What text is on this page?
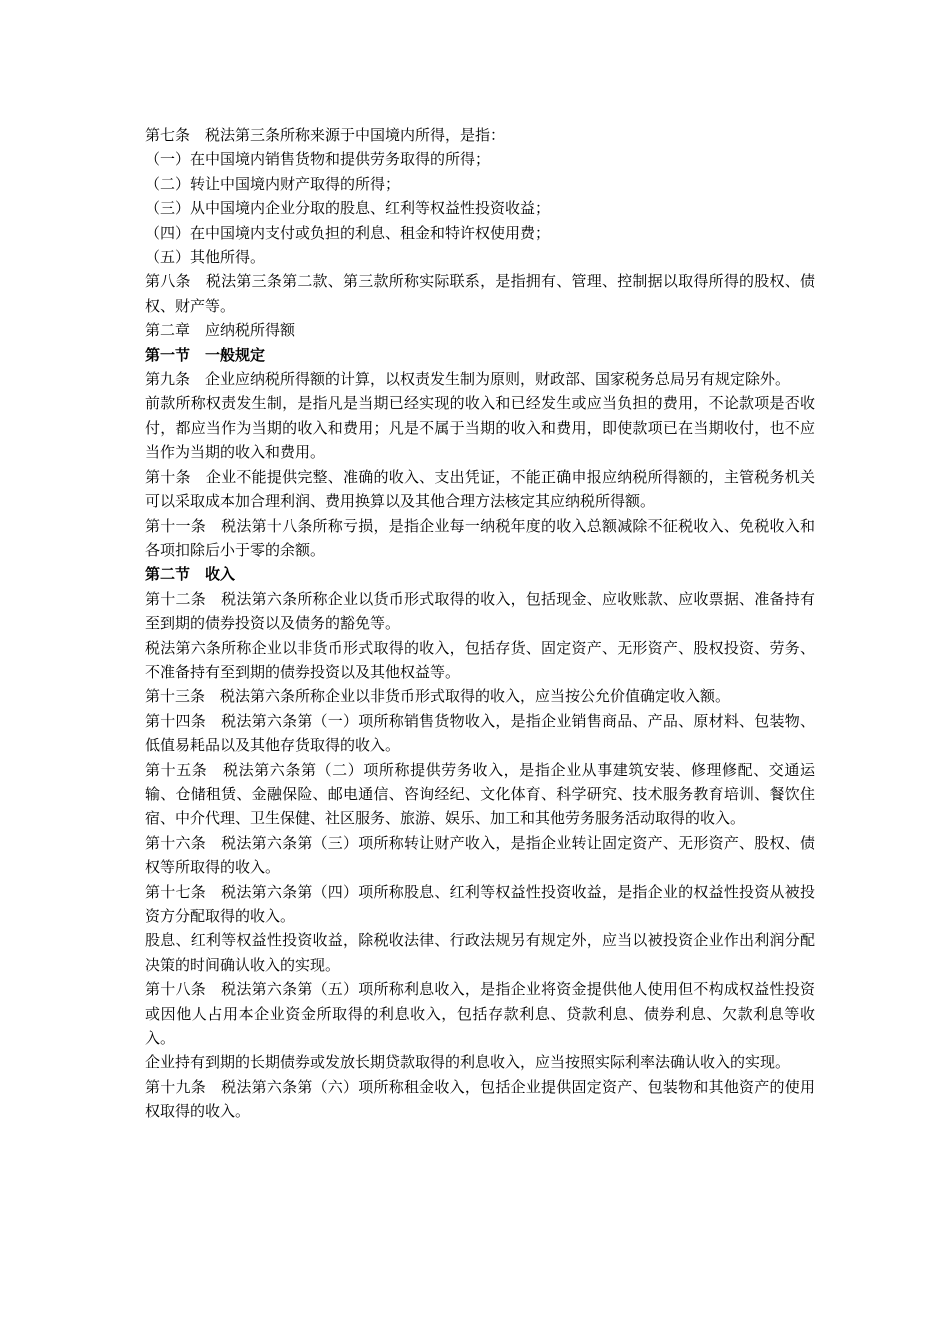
第七条　税法第三条所称来源于中国境内所得，是指：

（一）在中国境内销售货物和提供劳务取得的所得；

（二）转让中国境内财产取得的所得；

（三）从中国境内企业分取的股息、红利等权益性投资收益；

（四）在中国境内支付或负担的利息、租金和特许权使用费；

（五）其他所得。

第八条　税法第三条第二款、第三款所称实际联系，是指拥有、管理、控制据以取得所得的股权、债权、财产等。

第二章　应纳税所得额

第一节　一般规定

第九条　企业应纳税所得额的计算，以权责发生制为原则，财政部、国家税务总局另有规定除外。

前款所称权责发生制，是指凡是当期已经实现的收入和已经发生或应当负担的费用，不论款项是否收付，都应当作为当期的收入和费用；凡是不属于当期的收入和费用，即使款项已在当期收付，也不应当作为当期的收入和费用。

第十条　企业不能提供完整、准确的收入、支出凭证，不能正确申报应纳税所得额的，主管税务机关可以采取成本加合理利润、费用换算以及其他合理方法核定其应纳税所得额。

第十一条　税法第十八条所称亏损，是指企业每一纳税年度的收入总额减除不征税收入、免税收入和各项扣除后小于零的余额。

第二节　收入

第十二条　税法第六条所称企业以货币形式取得的收入，包括现金、应收账款、应收票据、准备持有至到期的债券投资以及债务的豁免等。

税法第六条所称企业以非货币形式取得的收入，包括存货、固定资产、无形资产、股权投资、劳务、不准备持有至到期的债券投资以及其他权益等。

第十三条　税法第六条所称企业以非货币形式取得的收入，应当按公允价值确定收入额。

第十四条　税法第六条第（一）项所称销售货物收入，是指企业销售商品、产品、原材料、包装物、低值易耗品以及其他存货取得的收入。

第十五条　税法第六条第（二）项所称提供劳务收入，是指企业从事建筑安装、修理修配、交通运输、仓储租赁、金融保险、邮电通信、咨询经纪、文化体育、科学研究、技术服务教育培训、餐饮住宿、中介代理、卫生保健、社区服务、旅游、娱乐、加工和其他劳务服务活动取得的收入。

第十六条　税法第六条第（三）项所称转让财产收入，是指企业转让固定资产、无形资产、股权、债权等所取得的收入。

第十七条　税法第六条第（四）项所称股息、红利等权益性投资收益，是指企业的权益性投资从被投资方分配取得的收入。

股息、红利等权益性投资收益，除税收法律、行政法规另有规定外，应当以被投资企业作出利润分配决策的时间确认收入的实现。

第十八条　税法第六条第（五）项所称利息收入，是指企业将资金提供他人使用但不构成权益性投资或因他人占用本企业资金所取得的利息收入，包括存款利息、贷款利息、债券利息、欠款利息等收入。

企业持有到期的长期债券或发放长期贷款取得的利息收入，应当按照实际利率法确认收入的实现。

第十九条　税法第六条第（六）项所称租金收入，包括企业提供固定资产、包装物和其他资产的使用权取得的收入。
